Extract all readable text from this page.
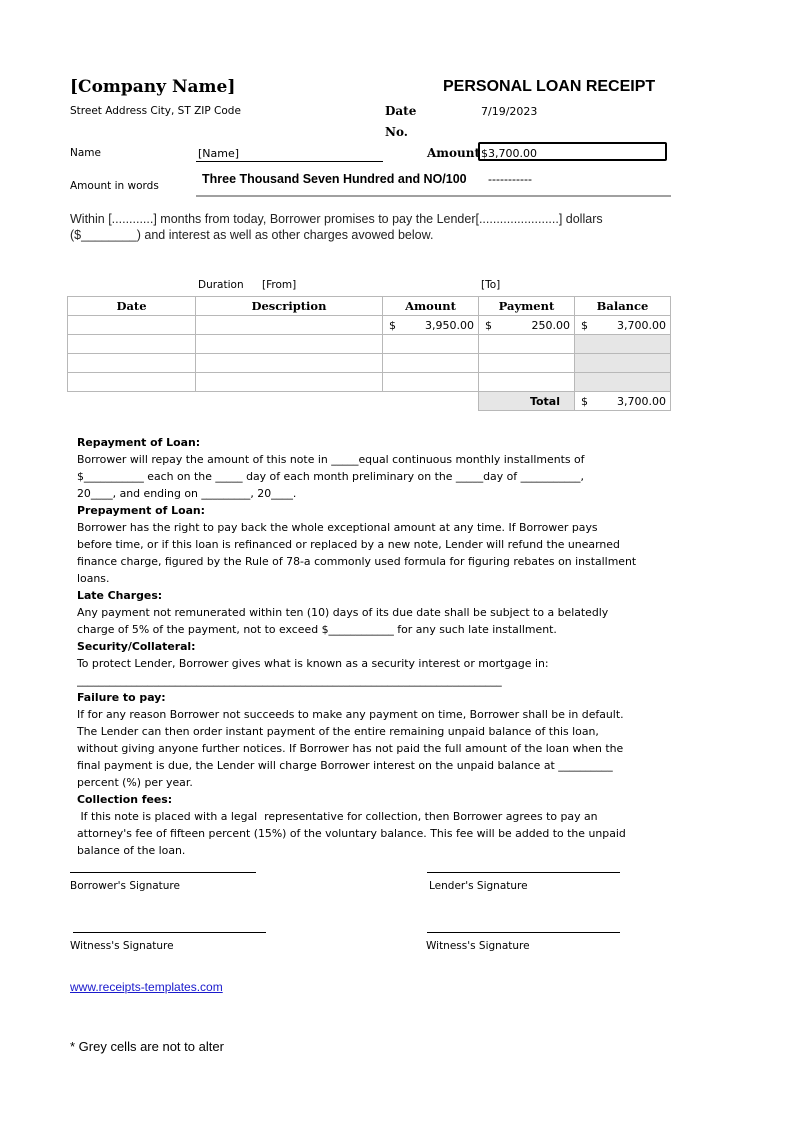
[Company Name]	PERSONAL LOAN RECEIPT
Street Address City, ST ZIP Code	Date	7/19/2023
No.
Name	[Name]	Amount $3,700.00
Amount in words	Three Thousand Seven Hundred and NO/100 -----------
Within [............] months from today, Borrower promises to pay the Lender[.......................] dollars
($________) and interest as well as other charges avowed below.
Duration [From]	[To]
Date	Description	Amount	Payment	Balance

		$ 3,950.00	$ 250.00	$ 3,700.00

			Total	$ 3,700.00
Repayment of Loan:
Borrower will repay the amount of this note in _____equal continuous monthly installments of
$___________ each on the _____ day of each month preliminary on the _____day of ___________,
20____, and ending on _________, 20____.
Prepayment of Loan:
Borrower has the right to pay back the whole exceptional amount at any time. If Borrower pays
before time, or if this loan is refinanced or replaced by a new note, Lender will refund the unearned
finance charge, figured by the Rule of 78-a commonly used formula for figuring rebates on installment
loans.
Late Charges:
Any payment not remunerated within ten (10) days of its due date shall be subject to a belatedly
charge of 5% of the payment, not to exceed $____________ for any such late installment.
Security/Collateral:
To protect Lender, Borrower gives what is known as a security interest or mortgage in:
______________________________________________________________________________
Failure to pay:
If for any reason Borrower not succeeds to make any payment on time, Borrower shall be in default.
The Lender can then order instant payment of the entire remaining unpaid balance of this loan,
without giving anyone further notices. If Borrower has not paid the full amount of the loan when the
final payment is due, the Lender will charge Borrower interest on the unpaid balance at __________
percent (%) per year.
Collection fees:
If this note is placed with a legal  representative for collection, then Borrower agrees to pay an
attorney's fee of fifteen percent (15%) of the voluntary balance. This fee will be added to the unpaid
balance of the loan.
Borrower's Signature	Lender's Signature
Witness's Signature	Witness's Signature
www.receipts-templates.com
* Grey cells are not to alter
